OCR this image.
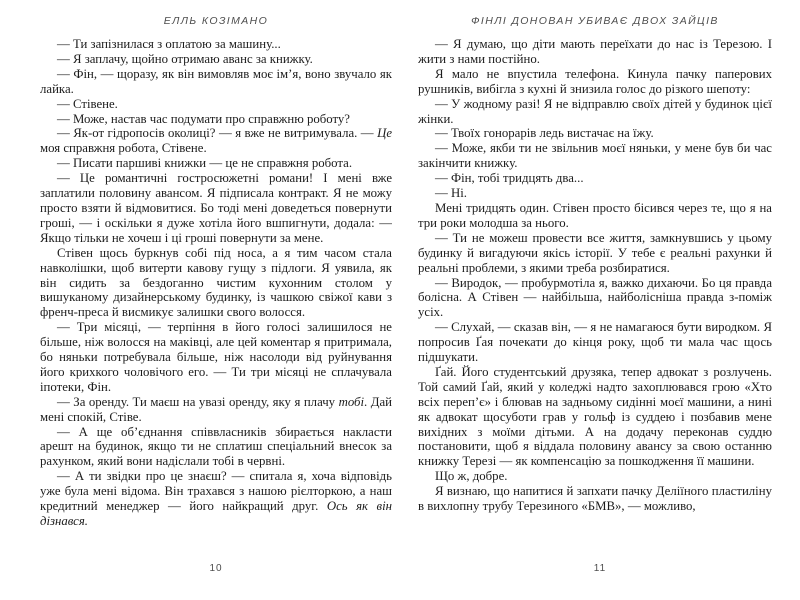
ЕЛЛЬ КОЗІМАНО

— Ти запізнилася з оплатою за машину...

— Я заплачу, щойно отримаю аванс за книжку.

— Фін, — щоразу, як він вимовляв моє ім’я, воно звучало як лайка.

— Стівене.

— Може, настав час подумати про справжню роботу?

— Як-от гідропосів околиці? — я вже не витримувала. — Це моя справжня робота, Стівене.

— Писати паршиві книжки — це не справжня робота.

— Це романтичні гостросюжетні романи! І мені вже заплатили половину авансом. Я підписала контракт. Я не можу просто взяти й відмовитися. Бо тоді мені доведеться повернути гроші, — і оскільки я дуже хотіла його вшпигнути, додала: — Якщо тільки не хочеш і ці гроші повернути за мене.

Стівен щось буркнув собі під носа, а я тим часом стала навколішки, щоб витерти кавову гущу з підлоги. Я уявила, як він сидить за бездоганно чистим кухонним столом у вишуканому дизайнерському будинку, із чашкою свіжої кави з френч-преса й висмикує залишки свого волосся.

— Три місяці, — терпіння в його голосі залишилося не більше, ніж волосся на маківці, але цей коментар я притримала, бо няньки потребувала більше, ніж насолоди від руйнування його крихкого чоловічого его. — Ти три місяці не сплачувала іпотеки, Фін.

— За оренду. Ти маєш на увазі оренду, яку я плачу тобі. Дай мені спокій, Стіве.

— А ще об’єднання співвласників збирається накласти арешт на будинок, якщо ти не сплатиш спеціальний внесок за рахунком, який вони надіслали тобі в червні.

— А ти звідки про це знаєш? — спитала я, хоча відповідь уже була мені відома. Він трахався з нашою рієлторкою, а наш кредитний менеджер — його найкращий друг. Ось як він дізнався.

10
ФІНЛІ ДОНОВАН УБИВАЄ ДВОХ ЗАЙЦІВ

— Я думаю, що діти мають переїхати до нас із Терезою. І жити з нами постійно.

Я мало не впустила телефона. Кинула пачку паперових рушників, вибігла з кухні й знизила голос до різкого шепоту:

— У жодному разі! Я не відправлю своїх дітей у будинок цієї жінки.

— Твоїх гонорарів ледь вистачає на їжу.

— Може, якби ти не звільнив моєї няньки, у мене був би час закінчити книжку.

— Фін, тобі тридцять два...

— Ні.

Мені тридцять один. Стівен просто бісився через те, що я на три роки молодша за нього.

— Ти не можеш провести все життя, замкнувшись у цьому будинку й вигадуючи якісь історії. У тебе є реальні рахунки й реальні проблеми, з якими треба розбиратися.

— Виродок, — пробурмотіла я, важко дихаючи. Бо ця правда болісна. А Стівен — найбільша, найболісніша правда з-поміж усіх.

— Слухай, — сказав він, — я не намагаюся бути виродком. Я попросив Ґая почекати до кінця року, щоб ти мала час щось підшукати.

Ґай. Його студентський друзяка, тепер адвокат з розлучень. Той самий Ґай, який у коледжі надто захоплювався грою «Хто всіх переп’є» і блював на задньому сидінні моєї машини, а нині як адвокат щосуботи грав у гольф із суддею і позбавив мене вихідних з моїми дітьми. А на додачу переконав суддю постановити, щоб я віддала половину авансу за свою останню книжку Терезі — як компенсацію за пошкодження її машини.

Що ж, добре.

Я визнаю, що напитися й запхати пачку Деліїного пластиліну в вихлопну трубу Терезиного «БМВ», — можливо,

11
